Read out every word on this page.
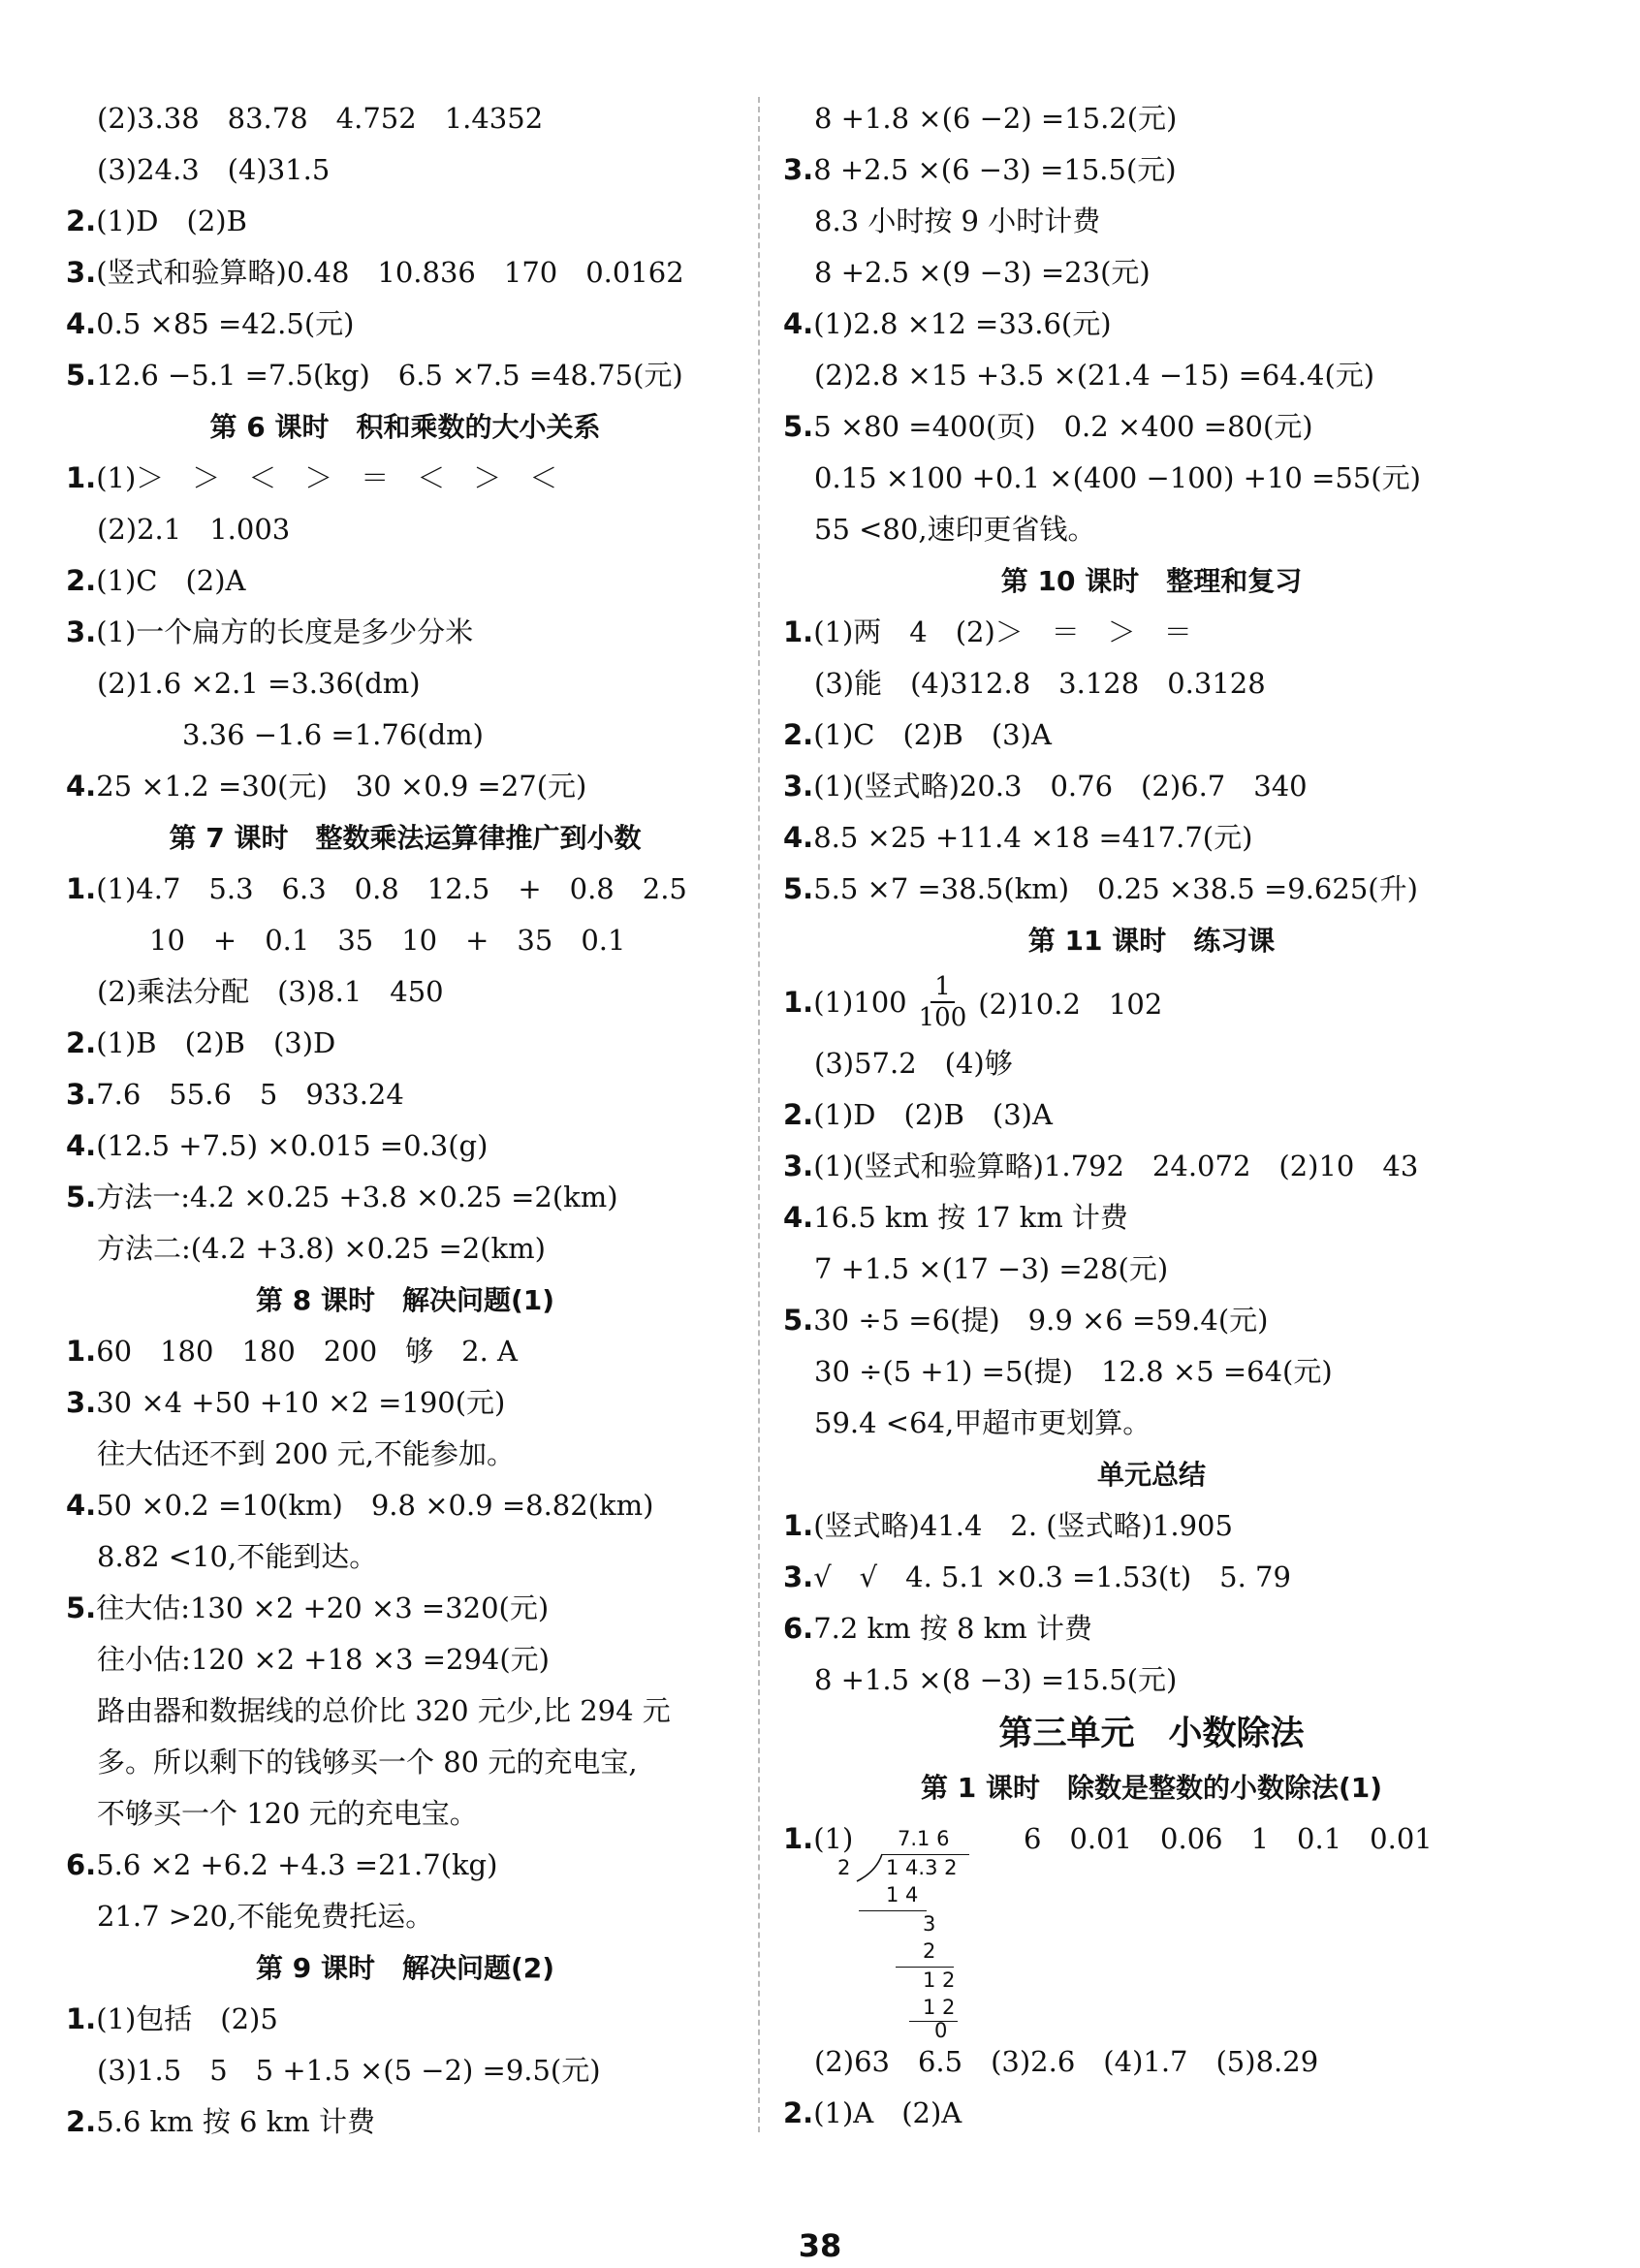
(2)3.38　83.78　4.752　1.4352
(3)24.3　(4)31.5
2.(1)D　(2)B
3.(竖式和验算略)0.48　10.836　170　0.0162
4.0.5 ×85 =42.5(元)
5.12.6 −5.1 =7.5(kg)　6.5 ×7.5 =48.75(元)
第 6 课时　积和乘数的大小关系
1.(1)＞　＞　＜　＞　＝　＜　＞　＜
(2)2.1　1.003
2.(1)C　(2)A
3.(1)一个扁方的长度是多少分米
(2)1.6 ×2.1 =3.36(dm)
3.36 −1.6 =1.76(dm)
4.25 ×1.2 =30(元)　30 ×0.9 =27(元)
第 7 课时　整数乘法运算律推广到小数
1.(1)4.7　5.3　6.3　0.8　12.5　+　0.8　2.5
10　+　0.1　35　10　+　35　0.1
(2)乘法分配　(3)8.1　450
2.(1)B　(2)B　(3)D
3.7.6　55.6　5　933.24
4.(12.5 +7.5) ×0.015 =0.3(g)
5.方法一:4.2 ×0.25 +3.8 ×0.25 =2(km)
方法二:(4.2 +3.8) ×0.25 =2(km)
第 8 课时　解决问题(1)
1.60　180　180　200　够　2. A
3.30 ×4 +50 +10 ×2 =190(元)
往大估还不到 200 元,不能参加。
4.50 ×0.2 =10(km)　9.8 ×0.9 =8.82(km)
8.82 <10,不能到达。
5.往大估:130 ×2 +20 ×3 =320(元)
往小估:120 ×2 +18 ×3 =294(元)
路由器和数据线的总价比 320 元少,比 294 元
多。所以剩下的钱够买一个 80 元的充电宝,
不够买一个 120 元的充电宝。
6.5.6 ×2 +6.2 +4.3 =21.7(kg)
21.7 >20,不能免费托运。
第 9 课时　解决问题(2)
1.(1)包括　(2)5
(3)1.5　5　5 +1.5 ×(5 −2) =9.5(元)
2.5.6 km 按 6 km 计费
8 +1.8 ×(6 −2) =15.2(元)
3.8 +2.5 ×(6 −3) =15.5(元)
8.3 小时按 9 小时计费
8 +2.5 ×(9 −3) =23(元)
4.(1)2.8 ×12 =33.6(元)
(2)2.8 ×15 +3.5 ×(21.4 −15) =64.4(元)
5.5 ×80 =400(页)　0.2 ×400 =80(元)
0.15 ×100 +0.1 ×(400 −100) +10 =55(元)
55 <80,速印更省钱。
第 10 课时　整理和复习
1.(1)两　4　(2)＞　＝　＞　＝
(3)能　(4)312.8　3.128　0.3128
2.(1)C　(2)B　(3)A
3.(1)(竖式略)20.3　0.76　(2)6.7　340
4.8.5 ×25 +11.4 ×18 =417.7(元)
5.5.5 ×7 =38.5(km)　0.25 ×38.5 =9.625(升)
第 11 课时　练习课
1. $(1)100 \frac{1}{100} (2)10.2$　102
(3)57.2　(4)够
2.(1)D　(2)B　(3)A
3.(1)(竖式和验算略)1.792　24.072　(2)10　43
4.16.5 km 按 17 km 计费
7 +1.5 ×(17 −3) =28(元)
5.30 ÷5 =6(提)　9.9 ×6 =59.4(元)
30 ÷(5 +1) =5(提)　12.8 ×5 =64(元)
59.4 <64,甲超市更划算。
单元总结
1.(竖式略)41.4　2. (竖式略)1.905
3.√　√　4. 5.1 ×0.3 =1.53(t)　5. 79
6.7.2 km 按 8 km 计费
8 +1.5 ×(8 −3) =15.5(元)
第三单元　小数除法
第 1 课时　除数是整数的小数除法(1)
1.(1) 7.1 6
2 1 4.3 2
1 4
3
2
1 2
1 2
0
6　0.01　0.06　1　0.1　0.01
(2)63　6.5　(3)2.6　(4)1.7　(5)8.29
2.(1)A　(2)A
38
